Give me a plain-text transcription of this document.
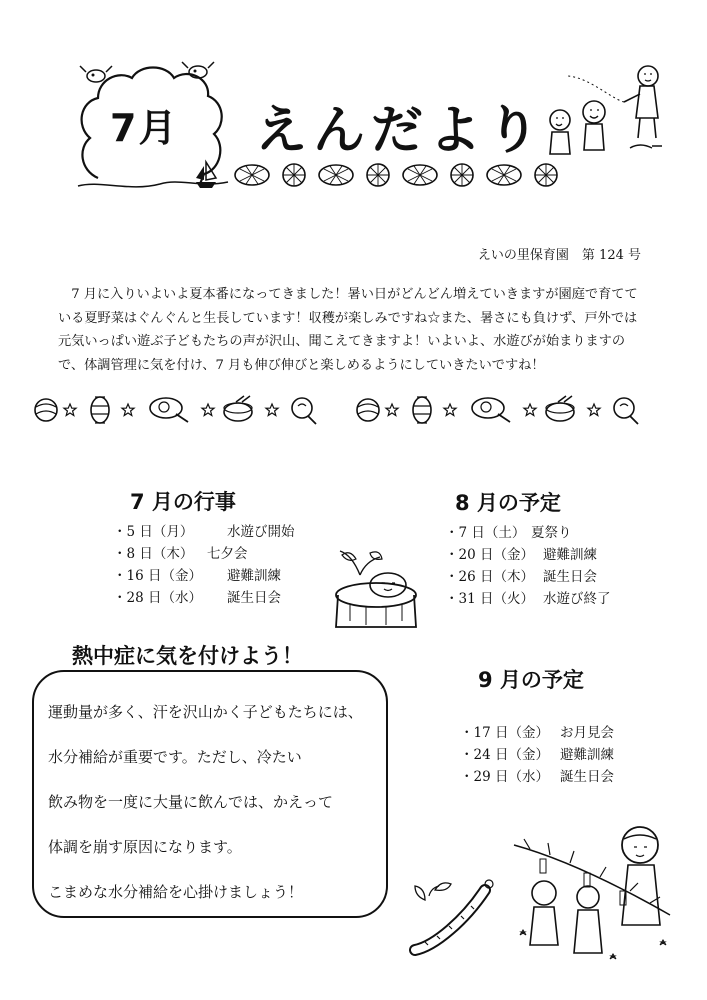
7月 えんだより
えいの里保育園　第 124 号
7 月に入りいよいよ夏本番になってきました！暑い日がどんどん増えていきますが園庭で育てている夏野菜はぐんぐんと生長しています！収穫が楽しみですね☆また、暑さにも負けず、戸外では元気いっぱい遊ぶ子どもたちの声が沢山、聞こえてきますよ！いよいよ、水遊びが始まりますので、体調管理に気を付け、7 月も伸び伸びと楽しめるようにしていきたいですね！
7 月の行事
・5 日（月） 水遊び開始
・8 日（木） 七夕会
・16 日（金） 避難訓練
・28 日（水） 誕生日会
8 月の予定
・7 日（土） 夏祭り
・20 日（金） 避難訓練
・26 日（木） 誕生日会
・31 日（火） 水遊び終了
9 月の予定
・17 日（金） お月見会
・24 日（金） 避難訓練
・29 日（水） 誕生日会
熱中症に気を付けよう！
運動量が多く、汗を沢山かく子どもたちには、
水分補給が重要です。ただし、冷たい
飲み物を一度に大量に飲んでは、かえって
体調を崩す原因になります。
こまめな水分補給を心掛けましょう！
